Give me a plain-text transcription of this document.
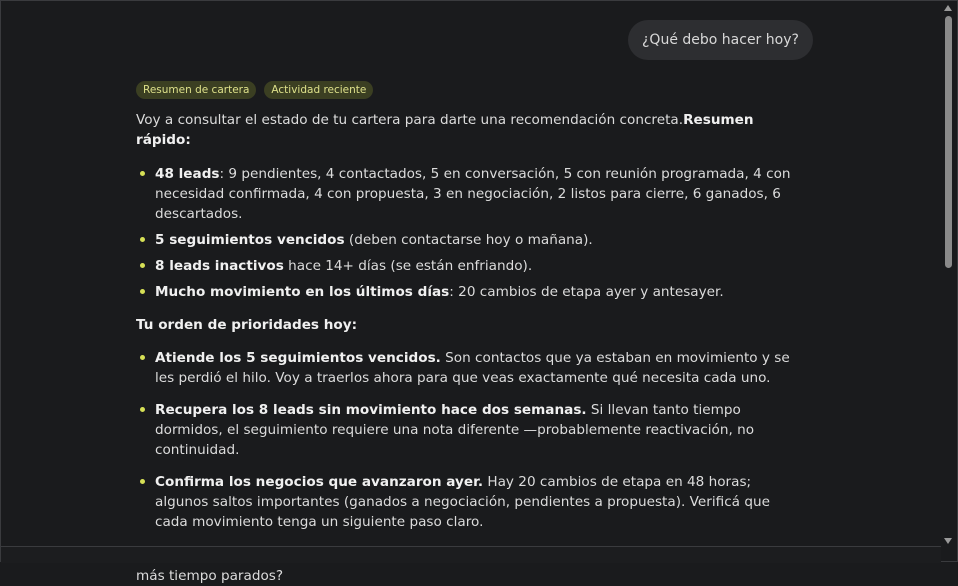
¿Qué debo hacer hoy?
Resumen de cartera	Actividad reciente

Voy a consultar el estado de tu cartera para darte una recomendación concreta.Resumen rápido:

48 leads: 9 pendientes, 4 contactados, 5 en conversación, 5 con reunión programada, 4 con necesidad confirmada, 4 con propuesta, 3 en negociación, 2 listos para cierre, 6 ganados, 6 descartados.
5 seguimientos vencidos (deben contactarse hoy o mañana).
8 leads inactivos hace 14+ días (se están enfriando).
Mucho movimiento en los últimos días: 20 cambios de etapa ayer y antesayer.

Tu orden de prioridades hoy:

Atiende los 5 seguimientos vencidos. Son contactos que ya estaban en movimiento y se les perdió el hilo. Voy a traerlos ahora para que veas exactamente qué necesita cada uno.
Recupera los 8 leads sin movimiento hace dos semanas. Si llevan tanto tiempo dormidos, el seguimiento requiere una nota diferente —probablemente reactivación, no continuidad.
Confirma los negocios que avanzaron ayer. Hay 20 cambios de etapa en 48 horas; algunos saltos importantes (ganados a negociación, pendientes a propuesta). Verificá que cada movimiento tenga un siguiente paso claro.

más tiempo parados?
